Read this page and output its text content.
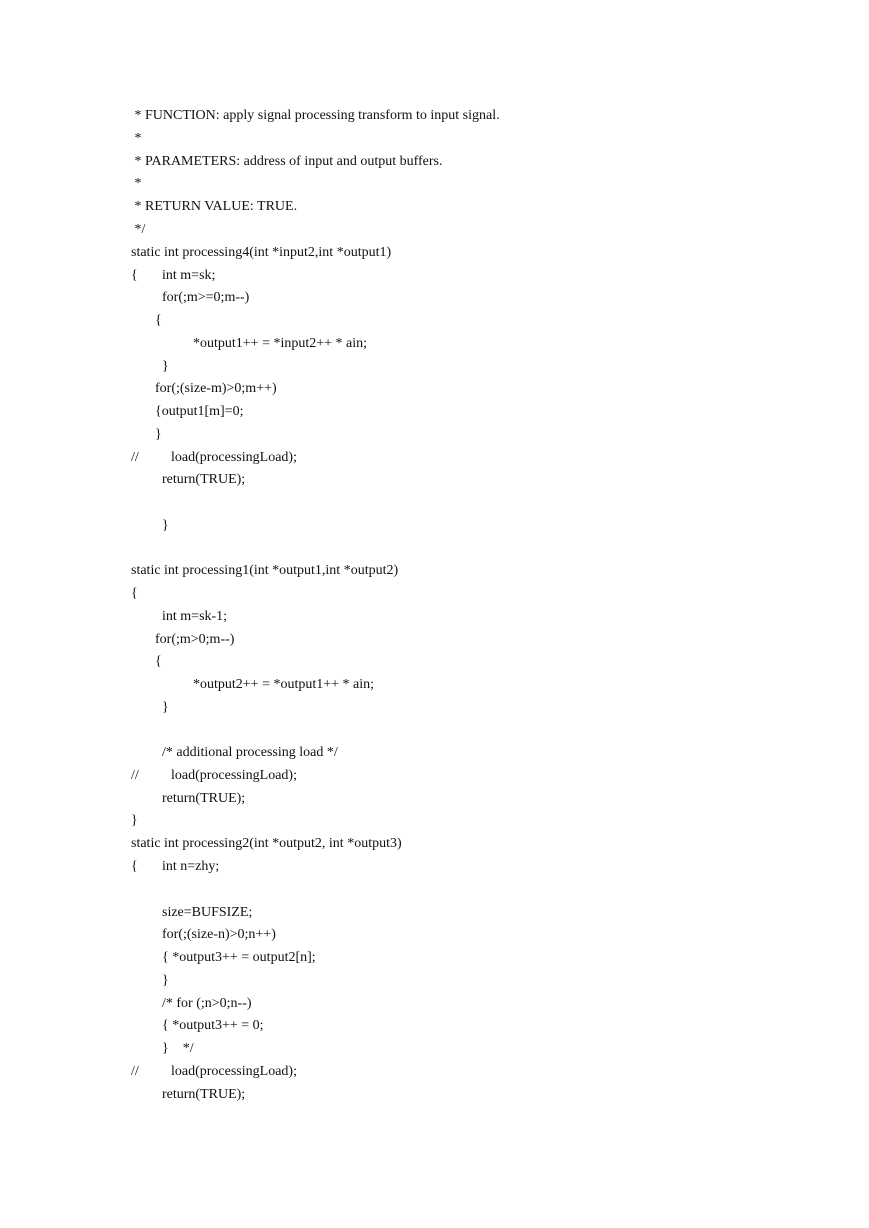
* FUNCTION: apply signal processing transform to input signal.
*
* PARAMETERS: address of input and output buffers.
*
* RETURN VALUE: TRUE.
*/
static int processing4(int *input2,int *output1)
{ int m=sk;
for(;m>=0;m--)
{
*output1++ = *input2++ * ain;
}
for(;(size-m)>0;m++)
{output1[m]=0;
}
// load(processingLoad);
return(TRUE);
}
static int processing1(int *output1,int *output2)
{
int m=sk-1;
for(;m>0;m--)
{
*output2++ = *output1++ * ain;
}
/* additional processing load */
// load(processingLoad);
return(TRUE);
}
static int processing2(int *output2, int *output3)
{ int n=zhy;
size=BUFSIZE;
for(;(size-n)>0;n++)
{ *output3++ = output2[n];
}
/* for (;n>0;n--)
{ *output3++ = 0;
}    */
// load(processingLoad);
return(TRUE);
